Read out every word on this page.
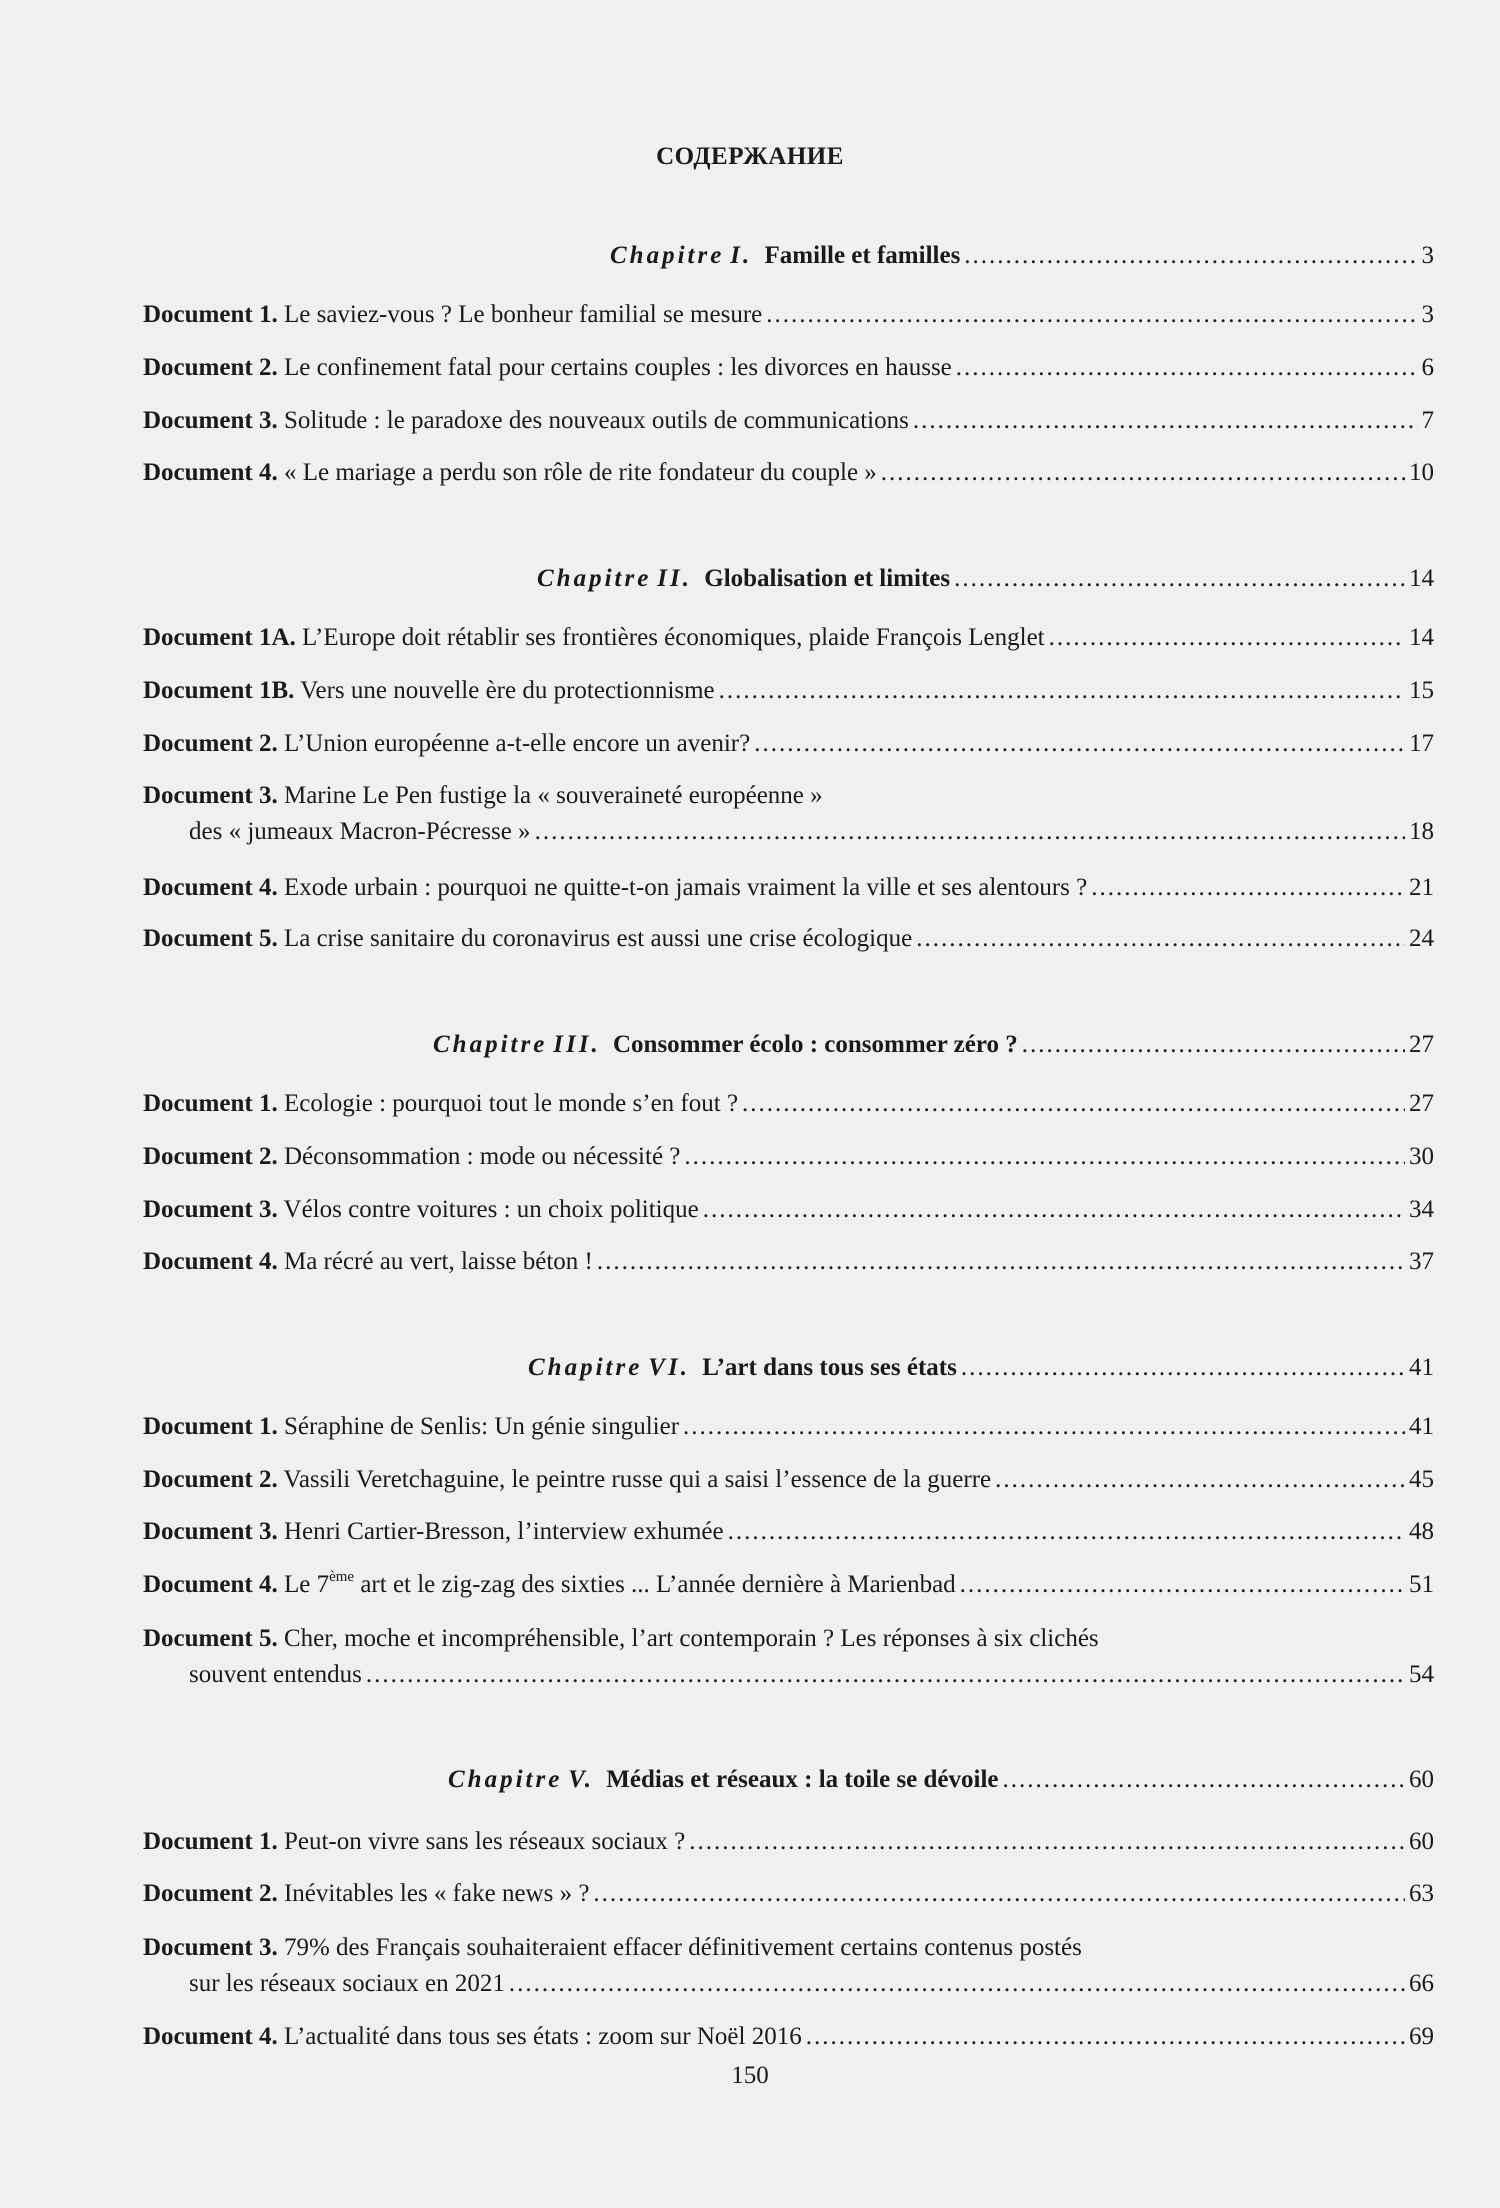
СОДЕРЖАНИЕ
Chapitre I. Famille et familles .....	3
Document 1. Le saviez-vous ? Le bonheur familial se mesure .....	3
Document 2. Le confinement fatal pour certains couples : les divorces en hausse .....	6
Document 3. Solitude : le paradoxe des nouveaux outils de communications .....	7
Document 4. « Le mariage a perdu son rôle de rite fondateur du couple » .....	10
Chapitre II. Globalisation et limites .....	14
Document 1A. L’Europe doit rétablir ses frontières économiques, plaide François Lenglet .....	14
Document 1B. Vers une nouvelle ère du protectionnisme .....	15
Document 2. L’Union européenne a-t-elle encore un avenir? .....	17
Document 3. Marine Le Pen fustige la « souveraineté européenne »
des « jumeaux Macron-Pécresse » .....	18
Document 4. Exode urbain : pourquoi ne quitte-t-on jamais vraiment la ville et ses alentours ? .....	21
Document 5. La crise sanitaire du coronavirus est aussi une crise écologique .....	24
Chapitre III. Consommer écolo : consommer zéro ? .....	27
Document 1. Ecologie : pourquoi tout le monde s’en fout ? .....	27
Document 2. Déconsommation : mode ou nécessité ? .....	30
Document 3. Vélos contre voitures : un choix politique .....	34
Document 4. Ma récré au vert, laisse béton ! .....	37
Chapitre VI. L’art dans tous ses états .....	41
Document 1. Séraphine de Senlis: Un génie singulier .....	41
Document 2. Vassili Veretchaguine, le peintre russe qui a saisi l’essence de la guerre .....	45
Document 3. Henri Cartier-Bresson, l’interview exhumée .....	48
Document 4. Le 7ème art et le zig-zag des sixties ... L’année dernière à Marienbad .....	51
Document 5. Cher, moche et incompréhensible, l’art contemporain ? Les réponses à six clichés
souvent entendus .....	54
Chapitre V. Médias et réseaux : la toile se dévoile .....	60
Document 1. Peut-on vivre sans les réseaux sociaux ? .....	60
Document 2. Inévitables les « fake news » ? .....	63
Document 3. 79% des Français souhaiteraient effacer définitivement certains contenus postés
sur les réseaux sociaux en 2021 .....	66
Document 4. L’actualité dans tous ses états : zoom sur Noël 2016 .....	69
150
